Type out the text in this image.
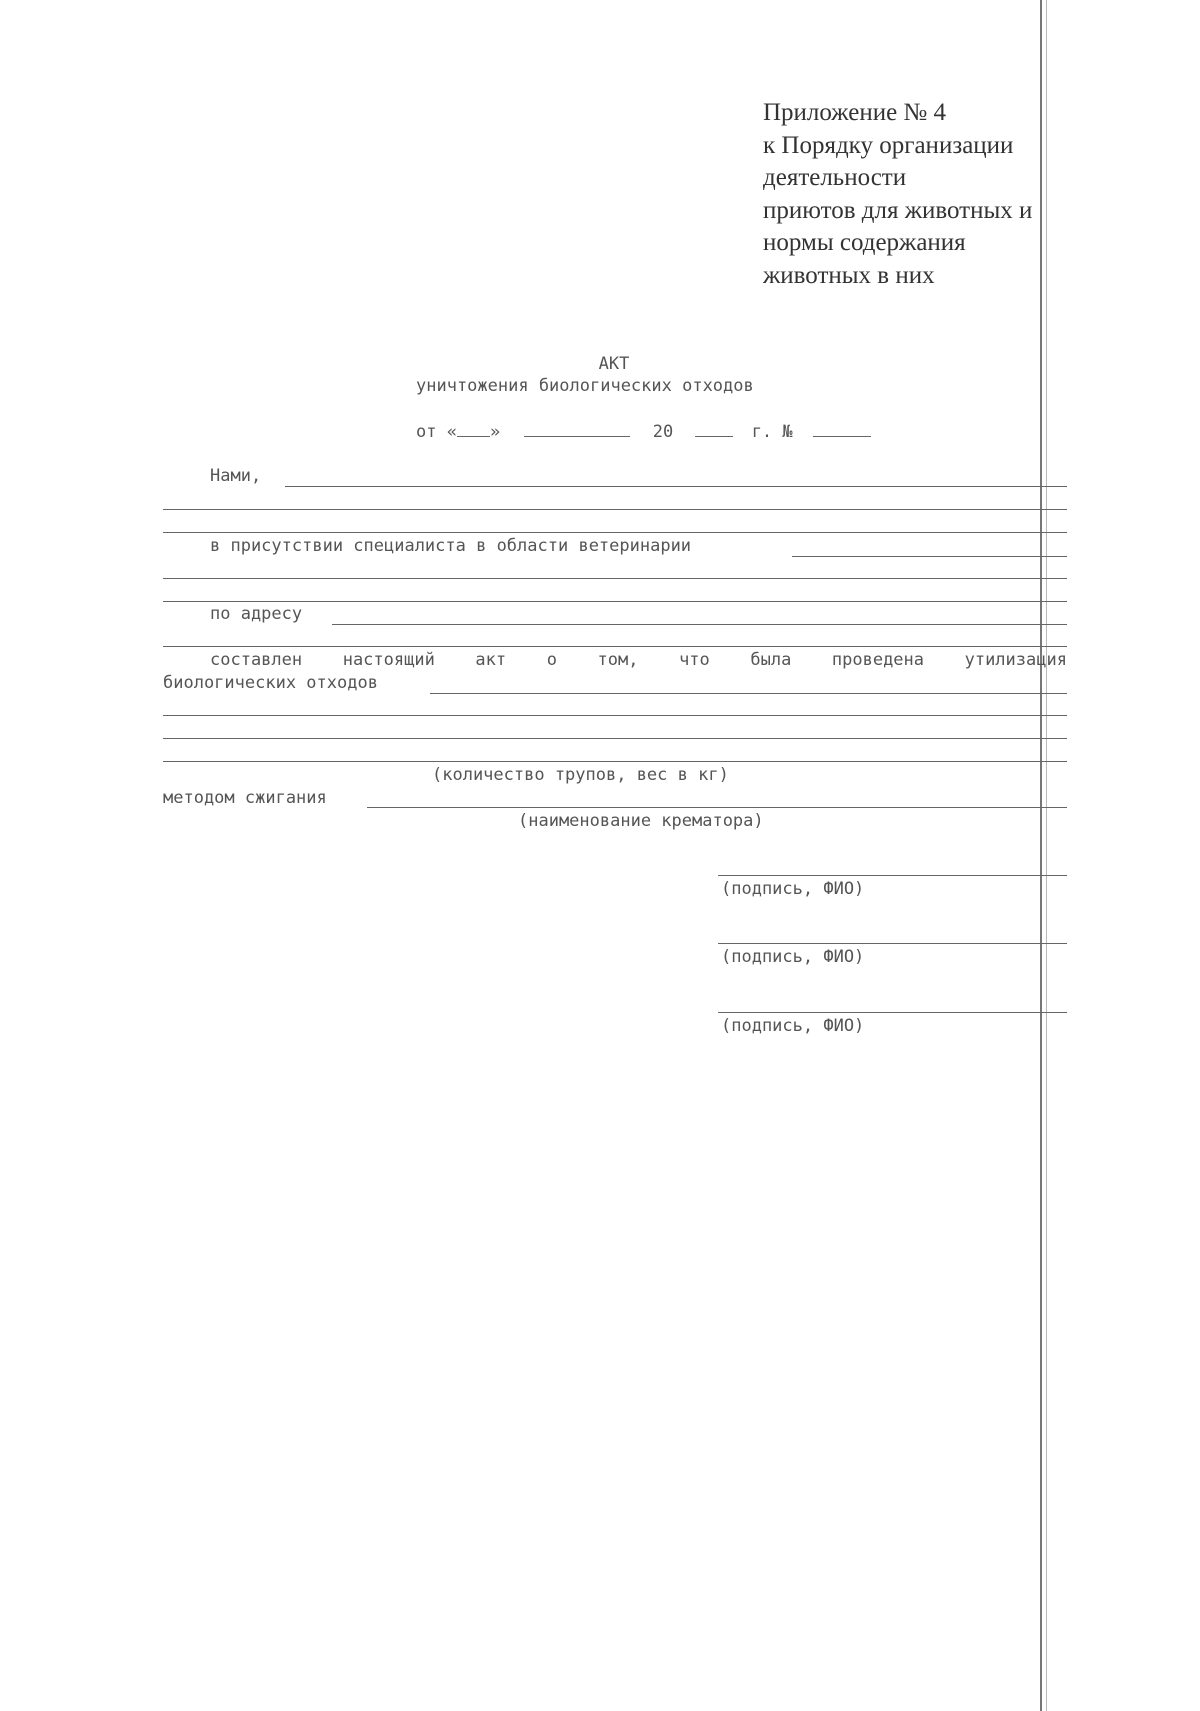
Приложение № 4
к Порядку организации
деятельности
приютов для животных и
нормы содержания
животных в них
АКТ
уничтожения биологических отходов
от « »	20	г. №
Нами,
в присутствии специалиста в области ветеринарии
по адресу
составлен настоящий акт о том, что была проведена утилизация
биологических отходов
(количество трупов, вес в кг)
методом сжигания
(наименование крематора)
(подпись, ФИО)
(подпись, ФИО)
(подпись, ФИО)
